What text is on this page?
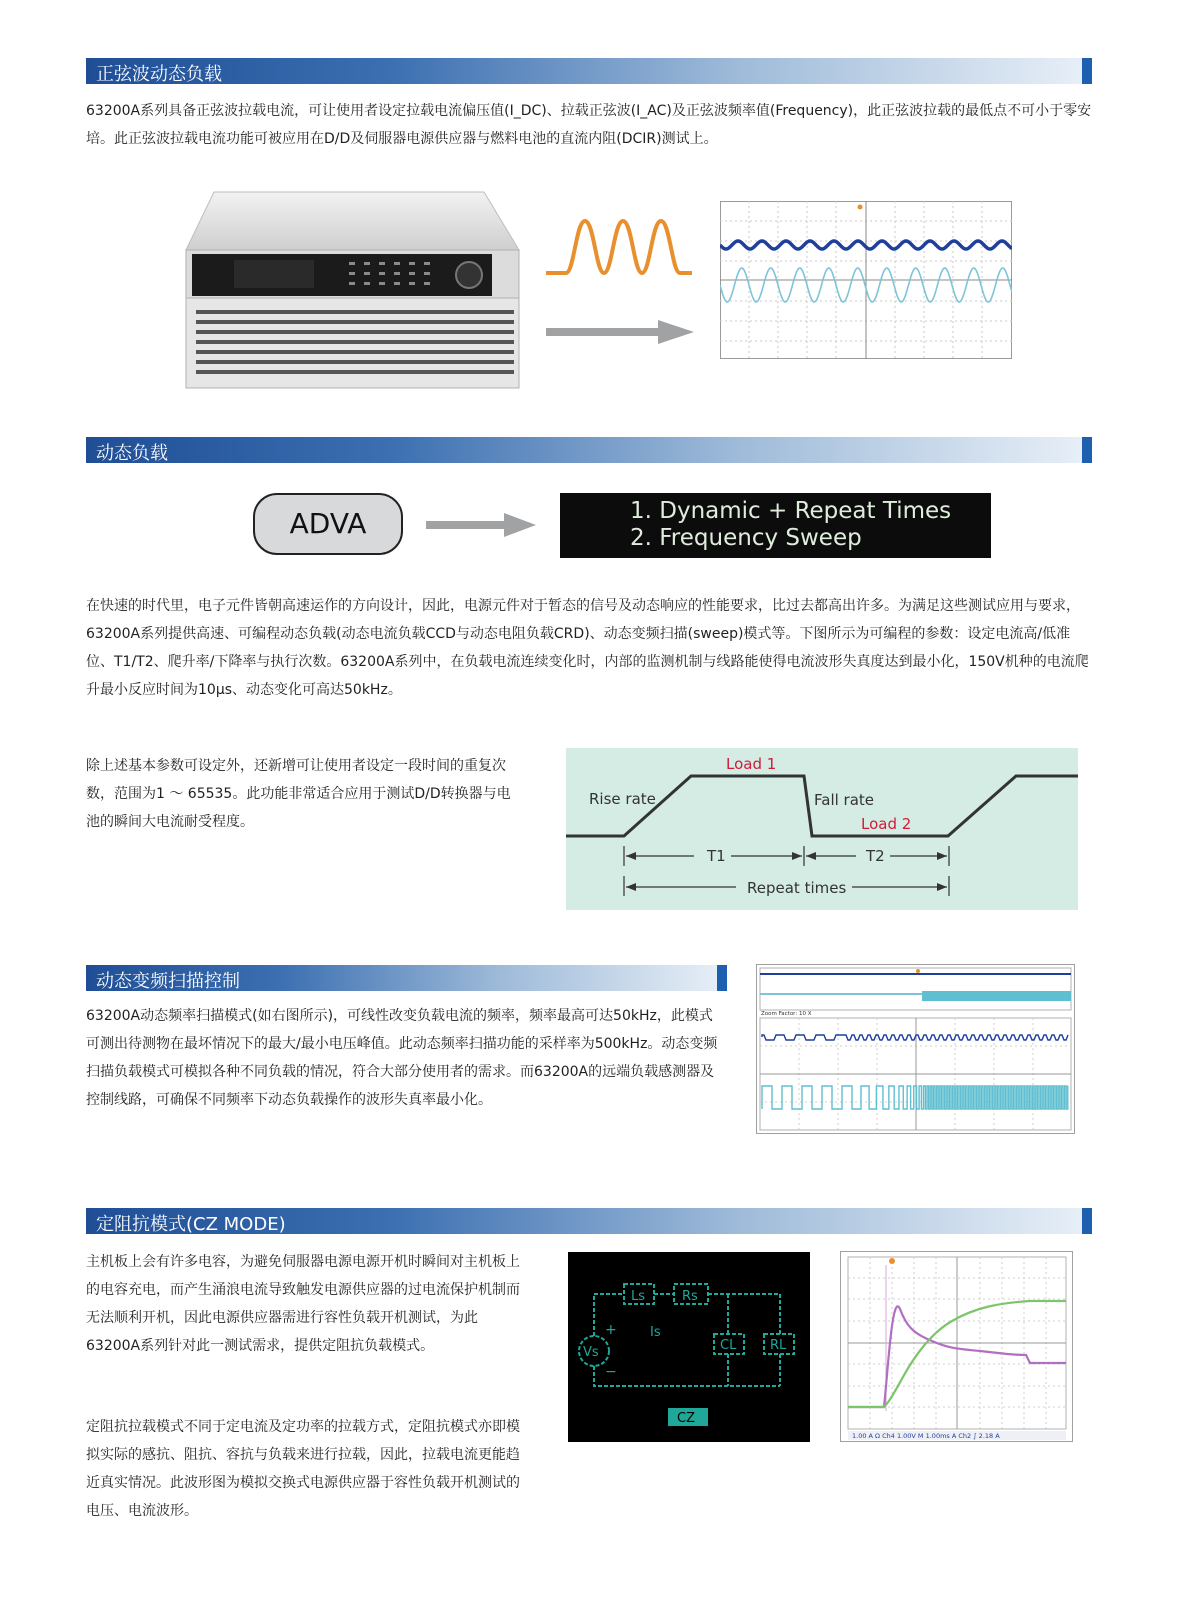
正弦波动态负载

63200A系列具备正弦波拉载电流，可让使用者设定拉载电流偏压值(I_DC)、拉载正弦波(I_AC)及正弦波频率值(Frequency)，此正弦波拉载的最低点不可小于零安培。此正弦波拉载电流功能可被应用在D/D及伺服器电源供应器与燃料电池的直流内阻(DCIR)测试上。

动态负载
ADVA	1. Dynamic + Repeat Times
2. Frequency Sweep

在快速的时代里，电子元件皆朝高速运作的方向设计，因此，电源元件对于暂态的信号及动态响应的性能要求，比过去都高出许多。为满足这些测试应用与要求，63200A系列提供高速、可编程动态负载(动态电流负载CCD与动态电阻负载CRD)、动态变频扫描(sweep)模式等。下图所示为可编程的参数：设定电流高/低准位、T1/T2、爬升率/下降率与执行次数。63200A系列中，在负载电流连续变化时，内部的监测机制与线路能使得电流波形失真度达到最小化，150V机种的电流爬升最小反应时间为10μs、动态变化可高达50kHz。

除上述基本参数可设定外，还新增可让使用者设定一段时间的重复次数，范围为1 ～ 65535。此功能非常适合应用于测试D/D转换器与电池的瞬间大电流耐受程度。

Load 1
Load 2
Rise rate	Fall rate
T1	T2
Repeat times
动态变频扫描控制

63200A动态频率扫描模式(如右图所示)，可线性改变负载电流的频率，频率最高可达50kHz，此模式可测出待测物在最坏情况下的最大/最小电压峰值。此动态频率扫描功能的采样率为500kHz。动态变频扫描负载模式可模拟各种不同负载的情况，符合大部分使用者的需求。而63200A的远端负载感测器及控制线路，可确保不同频率下动态负载操作的波形失真率最小化。

Zoom Factor: 10 X
定阻抗模式(CZ MODE)

主机板上会有许多电容，为避免伺服器电源电源开机时瞬间对主机板上的电容充电，而产生涌浪电流导致触发电源供应器的过电流保护机制而无法顺利开机，因此电源供应器需进行容性负载开机测试，为此63200A系列针对此一测试需求，提供定阻抗负载模式。

定阻抗拉载模式不同于定电流及定功率的拉载方式，定阻抗模式亦即模拟实际的感抗、阻抗、容抗与负载来进行拉载，因此，拉载电流更能趋近真实情况。此波形图为模拟交换式电源供应器于容性负载开机测试的电压、电流波形。

Ls	Rs
Is
Vs	CL	RL
+
−
CZ
1.00 A Ω Ch4 1.00V M 1.00ms A Ch2 ∫ 2.18 A
